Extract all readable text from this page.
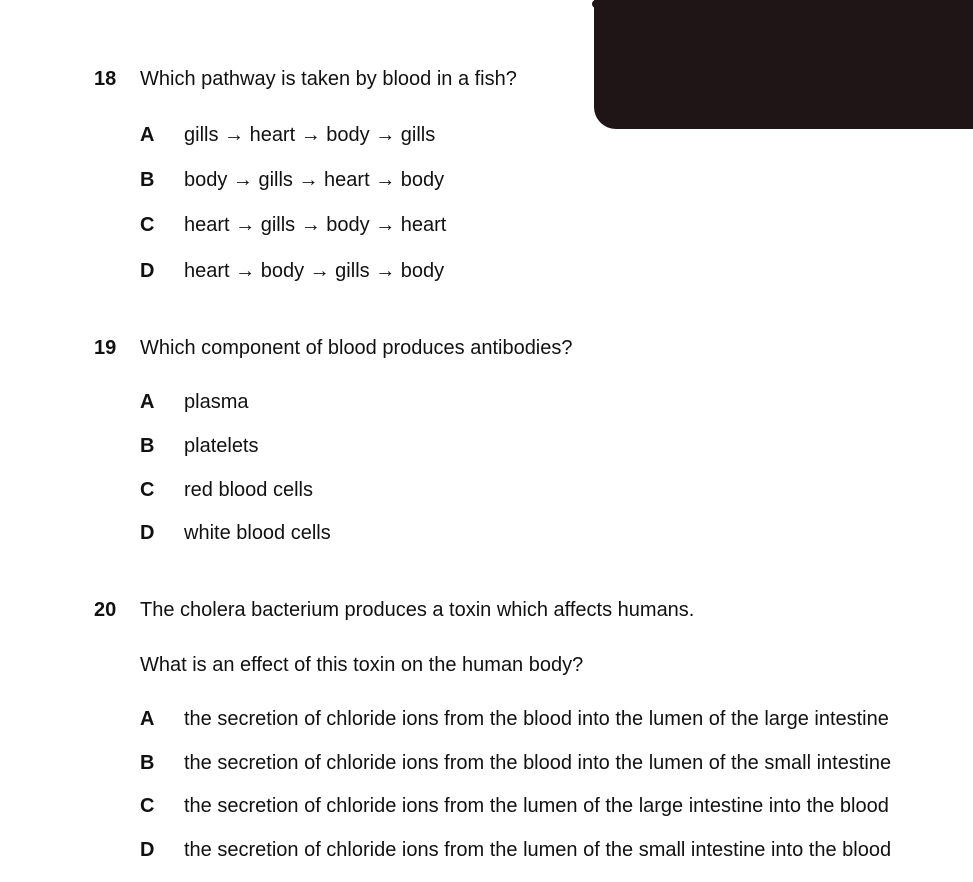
18 Which pathway is taken by blood in a fish?
A gills → heart → body → gills
B body → gills → heart → body
C heart → gills → body → heart
D heart → body → gills → body
19 Which component of blood produces antibodies?
A plasma
B platelets
C red blood cells
D white blood cells
20 The cholera bacterium produces a toxin which affects humans.
What is an effect of this toxin on the human body?
A the secretion of chloride ions from the blood into the lumen of the large intestine
B the secretion of chloride ions from the blood into the lumen of the small intestine
C the secretion of chloride ions from the lumen of the large intestine into the blood
D the secretion of chloride ions from the lumen of the small intestine into the blood
